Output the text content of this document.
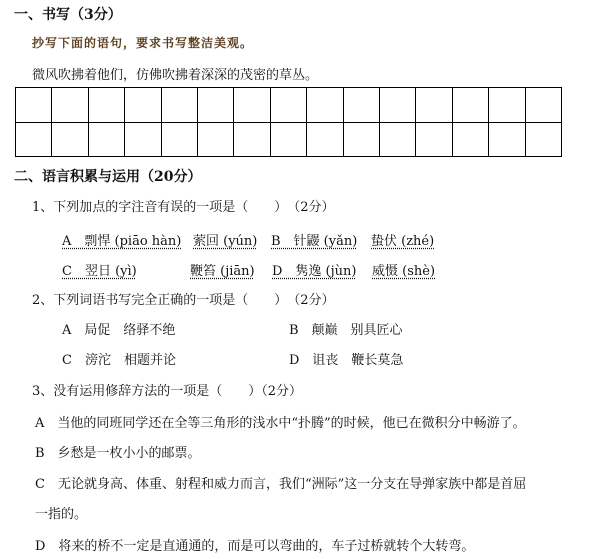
一、书写（3分）
抄写下面的语句，要求书写整洁美观。
微风吹拂着他们，仿佛吹拂着深深的茂密的草丛。
二、语言积累与运用（20分）
1、下列加点的字注音有误的一项是（　　）　（2分）
A　剽悍 (piāo hàn) 萦回 (yún) B　针鼹 (yǎn) 蛰伏 (zhé)
C　翌日 (yì)	鞭笞 (jiān) D　隽逸 (jùn) 威慑 (shè)
2、下列词语书写完全正确的一项是（　　）　（2分）
A　局促　络驿不绝	B　颠巅　别具匠心
C　滂沱　相题并论	D　诅丧　鞭长莫急
3、没有运用修辞方法的一项是（　　）（2分）
A　当他的同班同学还在全等三角形的浅水中“扑腾”的时候，他已在微积分中畅游了。
B　乡愁是一枚小小的邮票。
C　无论就身高、体重、射程和威力而言，我们“洲际”这一分支在导弹家族中都是首屈
一指的。
D　将来的桥不一定是直通通的，而是可以弯曲的，车子过桥就转个大转弯。
